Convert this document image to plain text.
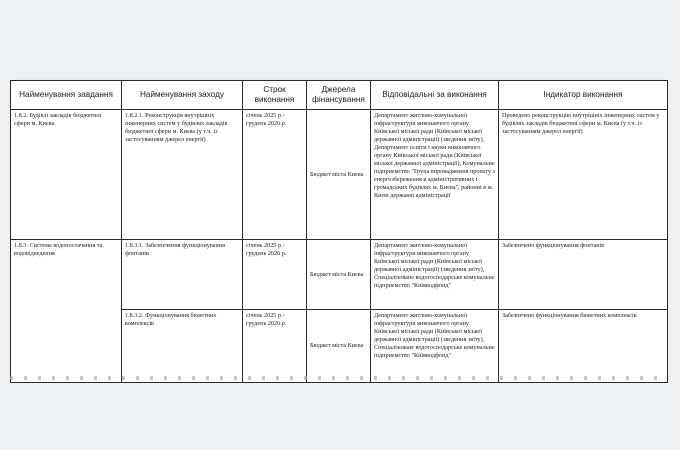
Найменування завдання	Найменування заходу	Строк виконання	Джерела фінансування	Відповідальні за виконання	Індикатор виконання
1.8.2. Будівлі закладів бюджетної сфери м. Києва	1.8.2.1. Реконструкція внутрішніх інженерних систем у будівлях закладів бюджетної сфери м. Києва (у т.ч. із застосуванням джерел енергії)	січень 2025 р.- грудень 2026 р.	Бюджет міста Києва	Департамент житлово-комунальної інфраструктури виконавчого органу Київської міської ради (Київської міської державної адміністрації) (зведення звіту), Департамент освіти і науки виконавчого органу Київської міської ради (Київської міської державної адміністрації), Комунальне підприємство "Група впровадження проекту з енергозбереження в адміністративних і громадських будівлях м. Києва", районні в м. Києві державні адміністрації	Проведено реконструкцію внутрішніх інженерних систем у будівлях закладів бюджетної сфери м. Києва (у т.ч. із застосуванням джерел енергії)
1.8.3. Система водопостачання та водовідведення	1.8.3.1. Забезпечення функціонування фонтанів	січень 2025 р.- грудень 2026 р.	Бюджет міста Києва	Департамент житлово-комунальної інфраструктури виконавчого органу Київської міської ради (Київської міської державної адміністрації) (зведення звіту), Спеціалізоване водогосподарське комунальне підприємство "Київводфонд"	Забезпечено функціонування фонтанів
	1.8.3.2. Функціонування бюветних комплексів	січень 2025 р.- грудень 2026 р.	Бюджет міста Києва	Департамент житлово-комунальної інфраструктури виконавчого органу Київської міської ради (Київської міської державної адміністрації) (зведення звіту), Спеціалізоване водогосподарське комунальне підприємство "Київводфонд"	Забезпечено функціонування бюветних комплексів
